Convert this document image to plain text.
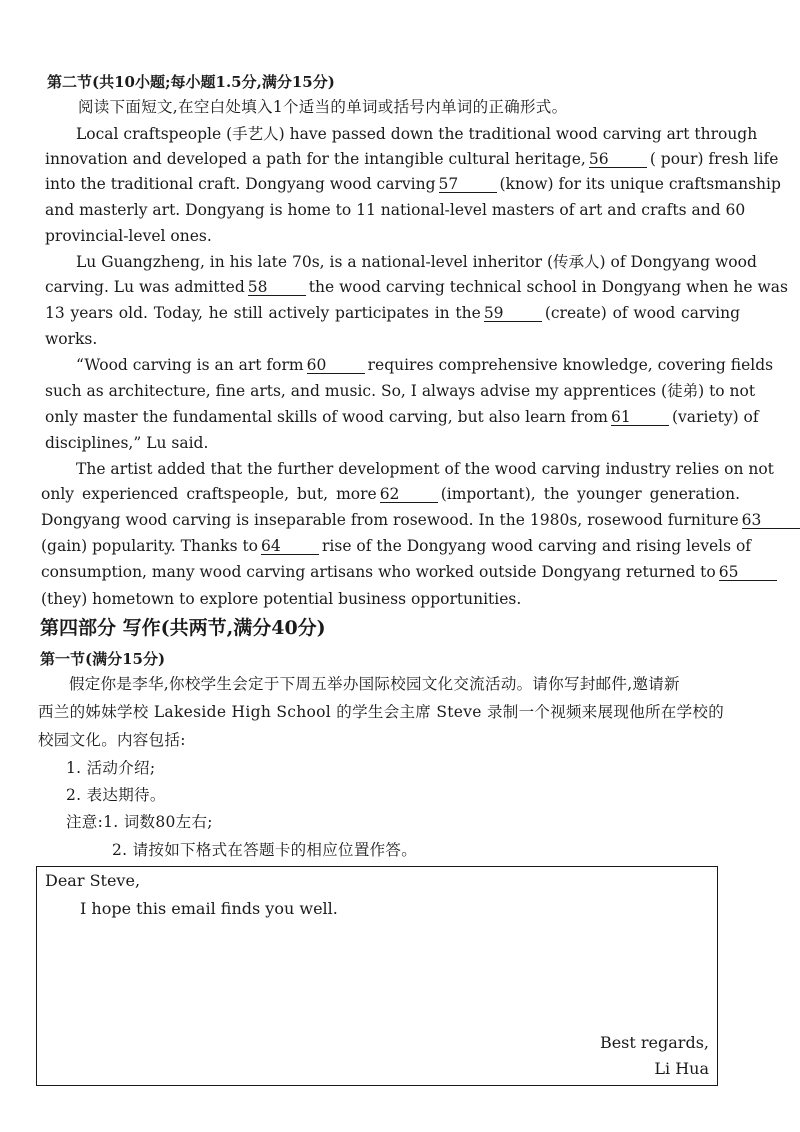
第二节(共10小题;每小题1.5分,满分15分)
阅读下面短文,在空白处填入1个适当的单词或括号内单词的正确形式。
Local craftspeople (手艺人) have passed down the traditional wood carving art through
innovation and developed a path for the intangible cultural heritage, 56	( pour) fresh life
into the traditional craft. Dongyang wood carving 57	(know) for its unique craftsmanship
and masterly art. Dongyang is home to 11 national-level masters of art and crafts and 60
provincial-level ones.
Lu Guangzheng, in his late 70s, is a national-level inheritor (传承人) of Dongyang wood
carving. Lu was admitted 58	the wood carving technical school in Dongyang when he was
13 years old. Today, he still actively participates in the 59	(create) of wood carving
works.
“Wood carving is an art form 60	requires comprehensive knowledge, covering fields
such as architecture, fine arts, and music. So, I always advise my apprentices (徒弟) to not
only master the fundamental skills of wood carving, but also learn from 61	(variety) of
disciplines,” Lu said.
The artist added that the further development of the wood carving industry relies on not
only experienced craftspeople, but, more 62	(important), the younger generation.
Dongyang wood carving is inseparable from rosewood. In the 1980s, rosewood furniture 63
(gain) popularity. Thanks to 64	rise of the Dongyang wood carving and rising levels of
consumption, many wood carving artisans who worked outside Dongyang returned to 65
(they) hometown to explore potential business opportunities.
第四部分 写作(共两节,满分40分)
第一节(满分15分)
假定你是李华,你校学生会定于下周五举办国际校园文化交流活动。请你写封邮件,邀请新
西兰的姊妹学校 Lakeside High School 的学生会主席 Steve 录制一个视频来展现他所在学校的
校园文化。内容包括:
1. 活动介绍;
2. 表达期待。
注意:1. 词数80左右;
2. 请按如下格式在答题卡的相应位置作答。
Dear Steve,
I hope this email finds you well.
Best regards,
Li Hua
